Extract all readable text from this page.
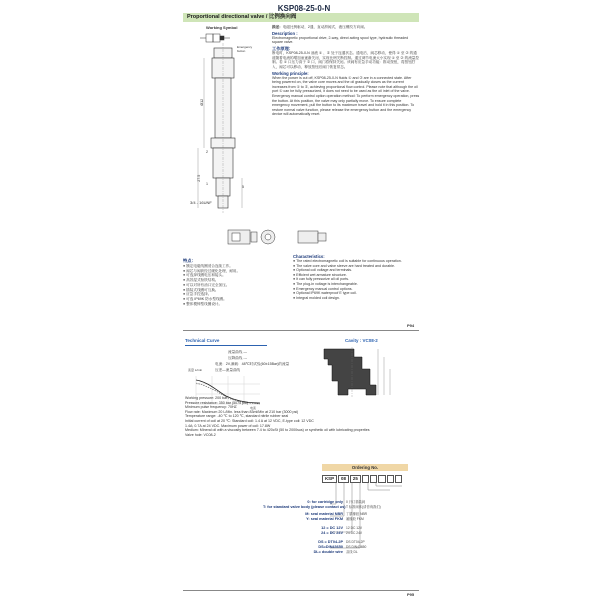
KSP08-25-0-N
Proportional directional valve / 比例换向阀
Working Symbol
Emergency
button
Ø12
27.5
5
2
1
3/4 - 16UNF
描述：电磁比例驱动，2通，直动滑阀式，液压螺纹方向阀。
Description :
Electromagnetic proportional drive, 2-way, direct acting spool type, hydraulic threaded square valve.
工作原理：
断电时，KSP08-25-0-N 油液 ① 、② 处于连通状态。通电后，阀芯移动，使得 ① 至 ② 的通道随着电流的增加而逐渐关闭，实现比例关断控制。通过调节电流大小实现 ① 至 ② 的流量控制。若 ① 口压力高于 ② 口，阀门将保持关闭。该阀有应急手动功能：推动按钮，将按钮拧入，阀芯可以移动，释放按钮后阀门恢复常态。
Working principle:
When the power is cut off, KSP08-25-0-N fluids ① and ② are in a connected state. After being powered on, the valve core moves and the oil gradually closes as the current increases from ① to ②, achieving proportional flow control. Please note that although the oil port ① can be fully pressurized, it does not need to be used as the oil inlet of the valve. Emergency manual control option operation method: To perform emergency operation, press the button. At this position, the valve may only partially move. To ensure complete emergency movement, pull the button to its maximum travel and hold it in this position. To restore normal valve function, please release the emergency button and the emergency device will automatically reset.
特点：
● 额定电磁线圈适合连续工作。
● 阀芯与阀套经过硬化处理，耐用。
● 可选择线圈电压和接头。
● 高效湿式衔铁结构。
● 可以对所有油口完全加压。
● 插装式线圈可互换。
● 应急手控选择。
● 可选 IP69K 防水型线圈。
● 整体模铸型线圈设计。
Characteristics:
● The rated electromagnetic coil is suitable for continuous operation.
● The valve core and valve sleeve are hard treated and durable.
● Optional coil voltage and terminals.
● Efficient wet armature structure.
● It can fully pressurize all oil ports.
● The plug-in voltage is interchangeable.
● Emergency manual control options.
● Optional IP69K waterproof E type coil.
● Integral molded coil design.
P94
Technical Curve
流量曲线 —
压降曲线 ---
电流：2V,满载：48℃时试验(60±15Bar)的流量
压差—流量曲线
流量 L/min
电流
Cavity : VC08-2
Working pressure: 200 bar
Pressure resistance: 350 bar (5075 psi)
Minimum pulse frequency: 70HZ
Flow rate: Maximum 20 L/Min. less than 83ml/Min at 210 bar (3000 psi)
Temperature range: -40 ℃ to 120 ℃, standard nitrile rubber seal
Initial current of coil at 20 ℃: Standard coil: 1.4 A at 12 VDC, E-type coil: 12 VDC
1.4A; 0.7A at 24 VDC. Maximum power of coil: 17.8W
Medium: Mineral oil with a viscosity between 7.4 to 420cSt (50 to 2000sus) or synthetic oil with lubricating properties
Valve hole: VC08-2
Ordering No.
KSP	08	25

0: for cartridge only
T: for standard valve body (please contact us)
M: seal material NBR
Y: seal material FKM
12 = DC 12V
24 = DC 24V
DS = DT04-2P
DS=DIN43650
DL= double wire
0 只订插装阀
T 标准阀体(请咨询我们)
丁腈橡胶 NBR
氟橡胶 FKM
12 DC 12V
24 DC 24V
DS DT04-2P
DS DIN43650
双线 DL
P95
